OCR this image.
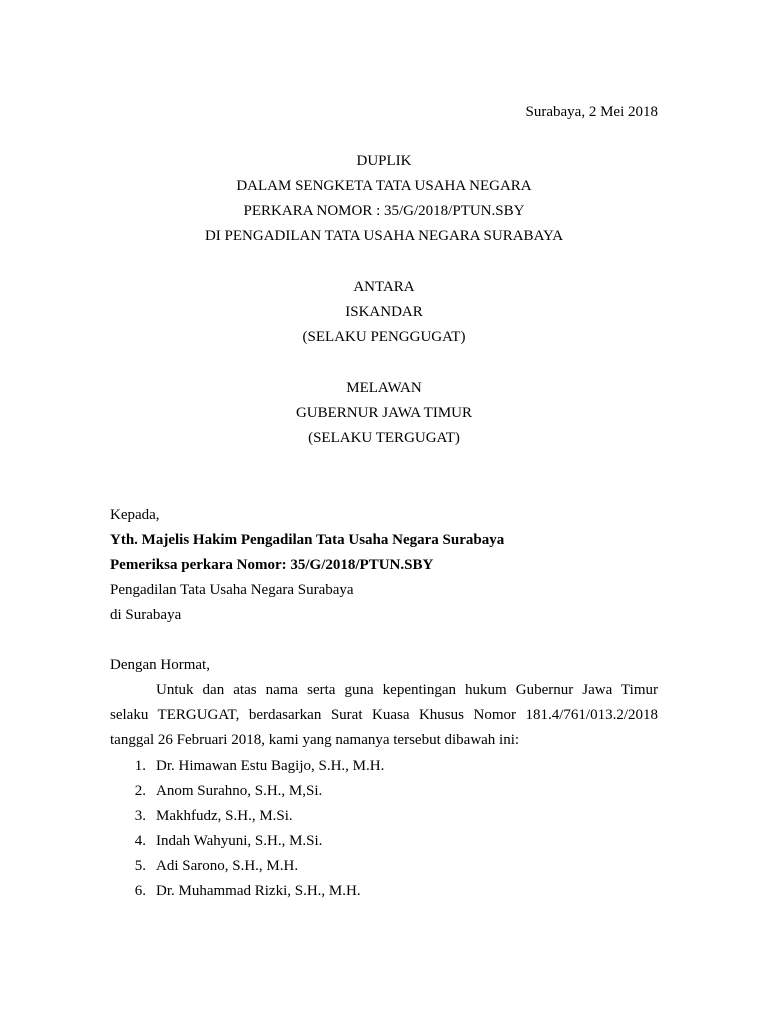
Surabaya, 2 Mei 2018
DUPLIK
DALAM SENGKETA TATA USAHA NEGARA
PERKARA NOMOR : 35/G/2018/PTUN.SBY
DI PENGADILAN TATA USAHA NEGARA SURABAYA
ANTARA
ISKANDAR
(SELAKU PENGGUGAT)
MELAWAN
GUBERNUR JAWA TIMUR
(SELAKU TERGUGAT)
Kepada,
Yth. Majelis Hakim Pengadilan Tata Usaha Negara Surabaya
Pemeriksa perkara Nomor: 35/G/2018/PTUN.SBY
Pengadilan Tata Usaha Negara Surabaya
di Surabaya
Dengan Hormat,
Untuk dan atas nama serta guna kepentingan hukum Gubernur Jawa Timur
selaku TERGUGAT, berdasarkan Surat Kuasa Khusus Nomor 181.4/761/013.2/2018
tanggal 26 Februari 2018, kami yang namanya tersebut dibawah ini:
1. Dr. Himawan Estu Bagijo, S.H., M.H.
2. Anom Surahno, S.H., M,Si.
3. Makhfudz, S.H., M.Si.
4. Indah Wahyuni, S.H., M.Si.
5. Adi Sarono, S.H., M.H.
6. Dr. Muhammad Rizki, S.H., M.H.
